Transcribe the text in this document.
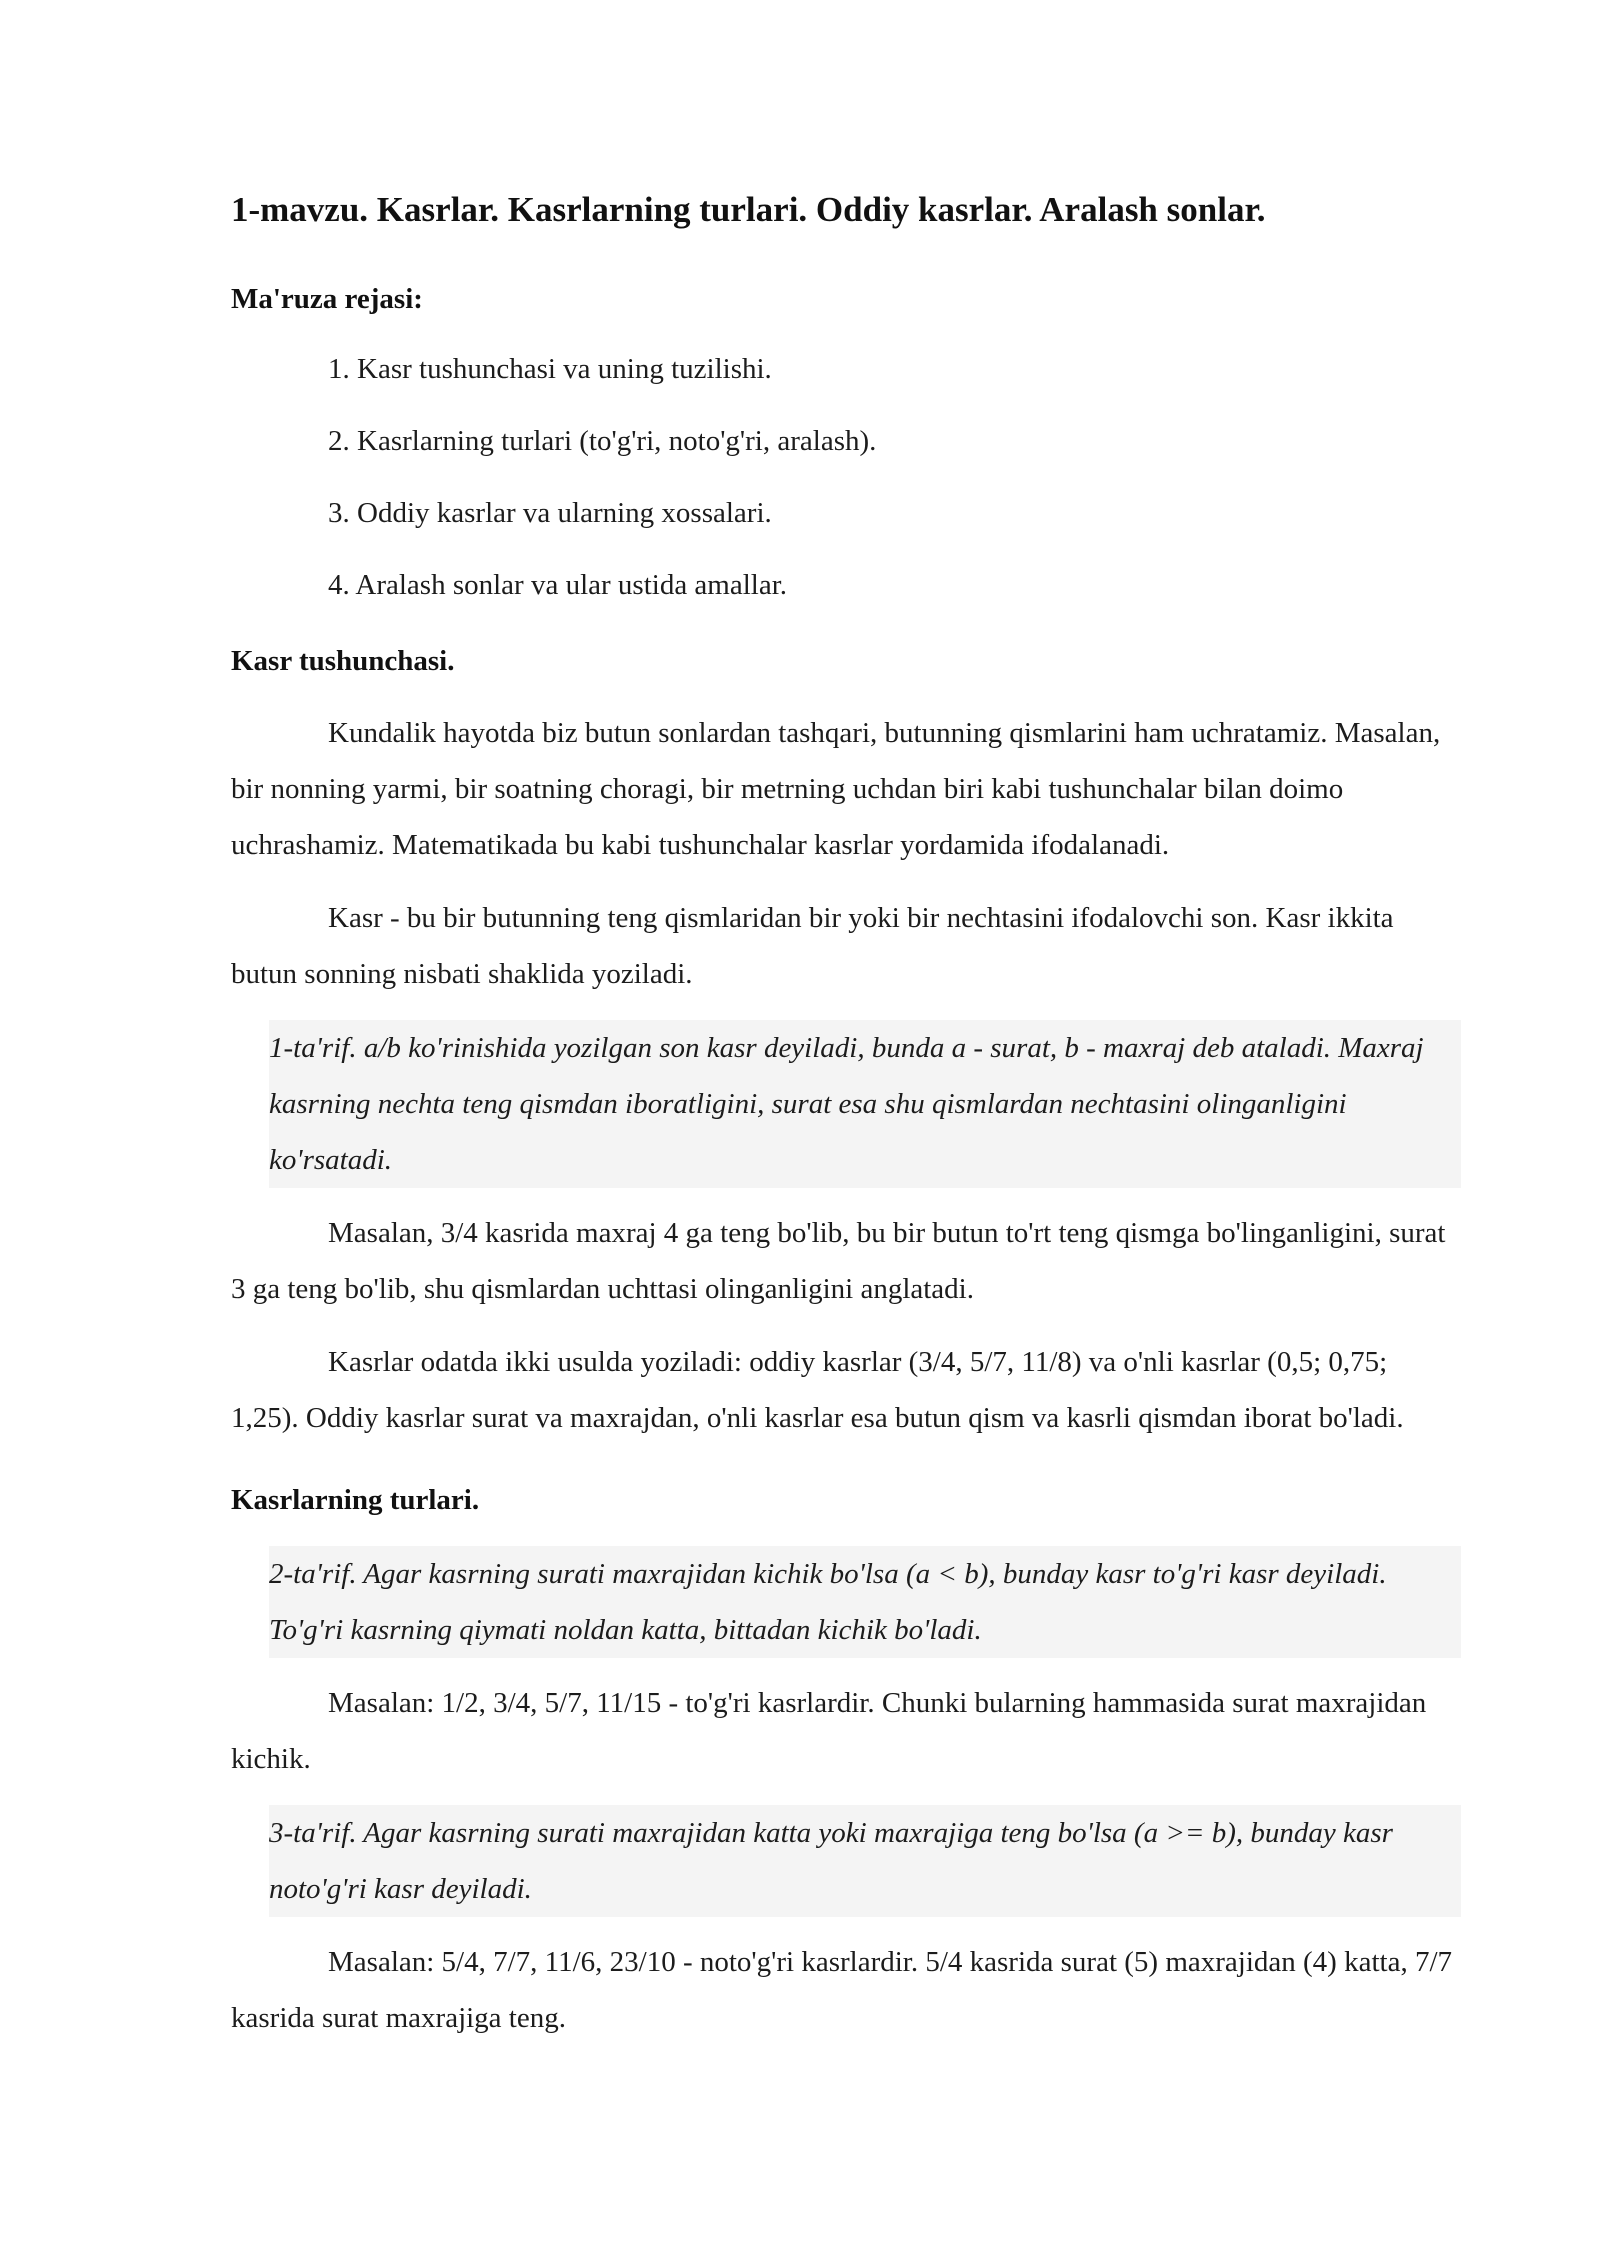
1-mavzu. Kasrlar. Kasrlarning turlari. Oddiy kasrlar. Aralash sonlar.
Ma'ruza rejasi:
1. Kasr tushunchasi va uning tuzilishi.
2. Kasrlarning turlari (to'g'ri, noto'g'ri, aralash).
3. Oddiy kasrlar va ularning xossalari.
4. Aralash sonlar va ular ustida amallar.
Kasr tushunchasi.

Kundalik hayotda biz butun sonlardan tashqari, butunning qismlarini ham uchratamiz. Masalan, bir nonning yarmi, bir soatning choragi, bir metrning uchdan biri kabi tushunchalar bilan doimo uchrashamiz. Matematikada bu kabi tushunchalar kasrlar yordamida ifodalanadi.

Kasr - bu bir butunning teng qismlaridan bir yoki bir nechtasini ifodalovchi son. Kasr ikkita butun sonning nisbati shaklida yoziladi.

1-ta'rif. a/b ko'rinishida yozilgan son kasr deyiladi, bunda a - surat, b - maxraj deb ataladi. Maxraj kasrning nechta teng qismdan iboratligini, surat esa shu qismlardan nechtasini olinganligini ko'rsatadi.

Masalan, 3/4 kasrida maxraj 4 ga teng bo'lib, bu bir butun to'rt teng qismga bo'linganligini, surat 3 ga teng bo'lib, shu qismlardan uchttasi olinganligini anglatadi.

Kasrlar odatda ikki usulda yoziladi: oddiy kasrlar (3/4, 5/7, 11/8) va o'nli kasrlar (0,5; 0,75; 1,25). Oddiy kasrlar surat va maxrajdan, o'nli kasrlar esa butun qism va kasrli qismdan iborat bo'ladi.

Kasrlarning turlari.
2-ta'rif. Agar kasrning surati maxrajidan kichik bo'lsa (a < b), bunday kasr to'g'ri kasr deyiladi. To'g'ri kasrning qiymati noldan katta, bittadan kichik bo'ladi.

Masalan: 1/2, 3/4, 5/7, 11/15 - to'g'ri kasrlardir. Chunki bularning hammasida surat maxrajidan kichik.

3-ta'rif. Agar kasrning surati maxrajidan katta yoki maxrajiga teng bo'lsa (a >= b), bunday kasr noto'g'ri kasr deyiladi.

Masalan: 5/4, 7/7, 11/6, 23/10 - noto'g'ri kasrlardir. 5/4 kasrida surat (5) maxrajidan (4) katta, 7/7 kasrida surat maxrajiga teng.
